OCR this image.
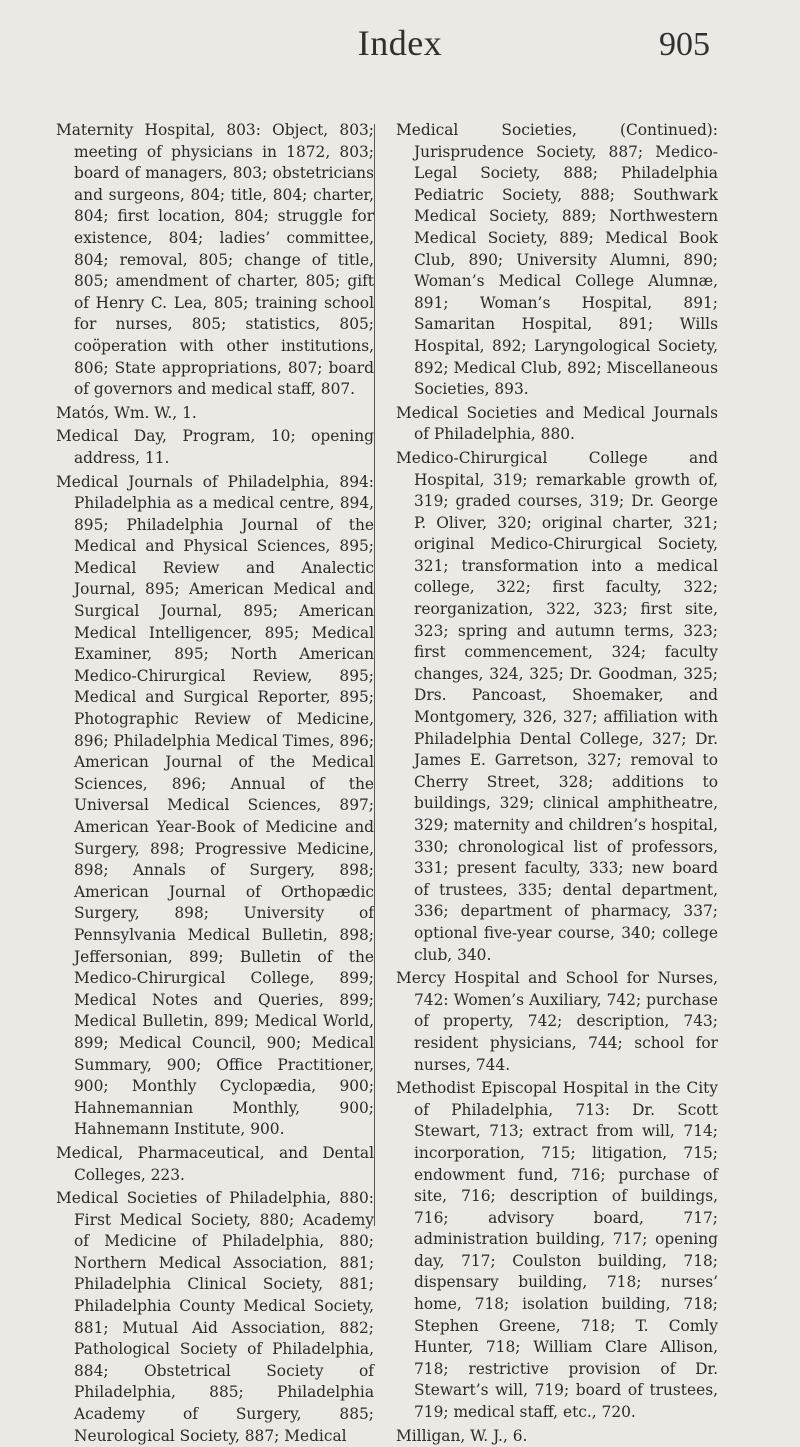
Index	905

Maternity Hospital, 803: Object, 803; meeting of physicians in 1872, 803; board of managers, 803; obstetricians and surgeons, 804; title, 804; charter, 804; first location, 804; struggle for existence, 804; ladies’ committee, 804; removal, 805; change of title, 805; amendment of charter, 805; gift of Henry C. Lea, 805; training school for nurses, 805; statistics, 805; coöperation with other institutions, 806; State appropriations, 807; board of governors and medical staff, 807.

Matós, Wm. W., 1.

Medical Day, Program, 10; opening address, 11.

Medical Journals of Philadelphia, 894: Philadelphia as a medical centre, 894, 895; Philadelphia Journal of the Medical and Physical Sciences, 895; Medical Review and Analectic Journal, 895; American Medical and Surgical Journal, 895; American Medical Intelligencer, 895; Medical Examiner, 895; North American Medico-Chirurgical Review, 895; Medical and Surgical Reporter, 895; Photographic Review of Medicine, 896; Philadelphia Medical Times, 896; American Journal of the Medical Sciences, 896; Annual of the Universal Medical Sciences, 897; American Year-Book of Medicine and Surgery, 898; Progressive Medicine, 898; Annals of Surgery, 898; American Journal of Orthopædic Surgery, 898; University of Pennsylvania Medical Bulletin, 898; Jeffersonian, 899; Bulletin of the Medico-Chirurgical College, 899; Medical Notes and Queries, 899; Medical Bulletin, 899; Medical World, 899; Medical Council, 900; Medical Summary, 900; Office Practitioner, 900; Monthly Cyclopædia, 900; Hahnemannian Monthly, 900; Hahnemann Institute, 900.

Medical, Pharmaceutical, and Dental Colleges, 223.

Medical Societies of Philadelphia, 880: First Medical Society, 880; Academy of Medicine of Philadelphia, 880; Northern Medical Association, 881; Philadelphia Clinical Society, 881; Philadelphia County Medical Society, 881; Mutual Aid Association, 882; Pathological Society of Philadelphia, 884; Obstetrical Society of Philadelphia, 885; Philadelphia Academy of Surgery, 885; Neurological Society, 887; Medical

Medical Societies, (Continued): Jurisprudence Society, 887; Medico-Legal Society, 888; Philadelphia Pediatric Society, 888; Southwark Medical Society, 889; Northwestern Medical Society, 889; Medical Book Club, 890; University Alumni, 890; Woman’s Medical College Alumnæ, 891; Woman’s Hospital, 891; Samaritan Hospital, 891; Wills Hospital, 892; Laryngological Society, 892; Medical Club, 892; Miscellaneous Societies, 893.

Medical Societies and Medical Journals of Philadelphia, 880.

Medico-Chirurgical College and Hospital, 319; remarkable growth of, 319; graded courses, 319; Dr. George P. Oliver, 320; original charter, 321; original Medico-Chirurgical Society, 321; transformation into a medical college, 322; first faculty, 322; reorganization, 322, 323; first site, 323; spring and autumn terms, 323; first commencement, 324; faculty changes, 324, 325; Dr. Goodman, 325; Drs. Pancoast, Shoemaker, and Montgomery, 326, 327; affiliation with Philadelphia Dental College, 327; Dr. James E. Garretson, 327; removal to Cherry Street, 328; additions to buildings, 329; clinical amphitheatre, 329; maternity and children’s hospital, 330; chronological list of professors, 331; present faculty, 333; new board of trustees, 335; dental department, 336; department of pharmacy, 337; optional five-year course, 340; college club, 340.

Mercy Hospital and School for Nurses, 742: Women’s Auxiliary, 742; purchase of property, 742; description, 743; resident physicians, 744; school for nurses, 744.

Methodist Episcopal Hospital in the City of Philadelphia, 713: Dr. Scott Stewart, 713; extract from will, 714; incorporation, 715; litigation, 715; endowment fund, 716; purchase of site, 716; description of buildings, 716; advisory board, 717; administration building, 717; opening day, 717; Coulston building, 718; dispensary building, 718; nurses’ home, 718; isolation building, 718; Stephen Greene, 718; T. Comly Hunter, 718; William Clare Allison, 718; restrictive provision of Dr. Stewart’s will, 719; board of trustees, 719; medical staff, etc., 720.

Milligan, W. J., 6.
